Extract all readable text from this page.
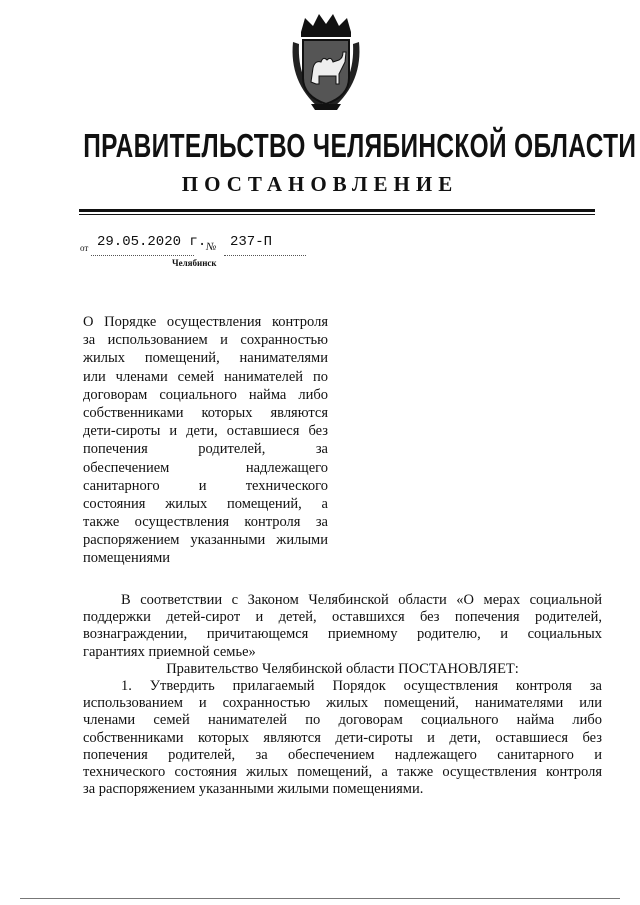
ПРАВИТЕЛЬСТВО ЧЕЛЯБИНСКОЙ ОБЛАСТИ
ПОСТАНОВЛЕНИЕ
от 29.05.2020 г. № 237-П
Челябинск
О Порядке осуществления контроля
за использованием и сохранностью
жилых помещений, нанимателями
или членами семей нанимателей по
договорам социального найма либо
собственниками которых являются
дети-сироты и дети, оставшиеся без
попечения родителей, за
обеспечением надлежащего
санитарного и технического
состояния жилых помещений, а
также осуществления контроля за
распоряжением указанными жилыми
помещениями
В соответствии с Законом Челябинской области «О мерах социальной
поддержки детей-сирот и детей, оставшихся без попечения родителей,
вознаграждении, причитающемся приемному родителю, и социальных
гарантиях приемной семье»
Правительство Челябинской области ПОСТАНОВЛЯЕТ:
1. Утвердить прилагаемый Порядок осуществления контроля за
использованием и сохранностью жилых помещений, нанимателями или
членами семей нанимателей по договорам социального найма либо
собственниками которых являются дети-сироты и дети, оставшиеся без
попечения родителей, за обеспечением надлежащего санитарного и
технического состояния жилых помещений, а также осуществления контроля
за распоряжением указанными жилыми помещениями.
